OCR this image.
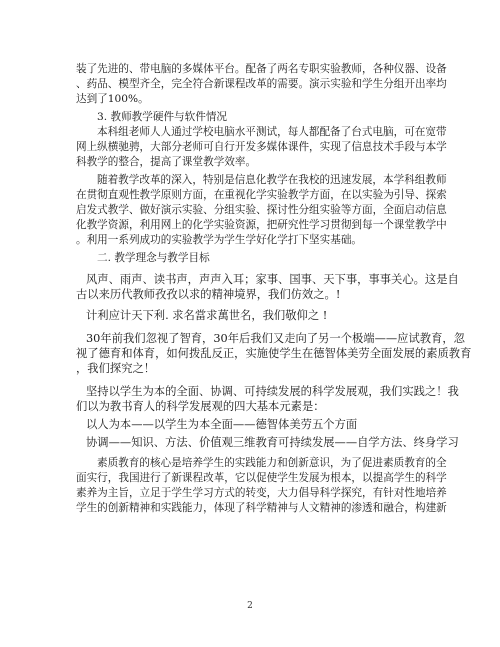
装了先进的、带电脑的多媒体平台。配备了两名专职实验教师，各种仪器、设备
、药品、模型齐全，完全符合新课程改革的需要。演示实验和学生分组开出率均
达到了100%。
3. 教师教学硬件与软件情况
本科组老师人人通过学校电脑水平测试，每人都配备了台式电脑，可在宽带
网上纵横驰骋，大部分老师可自行开发多媒体课件，实现了信息技术手段与本学
科教学的整合，提高了课堂教学效率。
随着教学改革的深入，特别是信息化教学在我校的迅速发展，本学科组教师
在贯彻直观性教学原则方面，在重视化学实验教学方面，在以实验为引导、探索
启发式教学、做好演示实验、分组实验、探讨性分组实验等方面，全面启动信息
化教学资源，利用网上的化学实验资源，把研究性学习贯彻到每一个课堂教学中
。利用一系列成功的实验教学为学生学好化学打下坚实基础。
二. 教学理念与教学目标
风声、雨声、读书声，声声入耳；家事、国事、天下事，事事关心。这是自
古以来历代教师孜孜以求的精神境界，我们仿效之。!
计利应计天下利. 求名當求萬世名，我们敬仰之 !
30年前我们忽视了智育，30年后我们又走向了另一个极端——应试教育，忽
视了德育和体育，如何拨乱反正，实施使学生在德智体美劳全面发展的素质教育
，我们探究之！
坚持以学生为本的全面、协调、可持续发展的科学发展观，我们实践之！我
们以为教书育人的科学发展观的四大基本元素是：
以人为本——以学生为本全面——德智体美劳五个方面
协调——知识、方法、价值观三维教育可持续发展——自学方法、终身学习
素质教育的核心是培养学生的实践能力和创新意识，为了促进素质教育的全
面实行，我国进行了新课程改革，它以促使学生发展为根本，以提高学生的科学
素养为主旨，立足于学生学习方式的转变，大力倡导科学探究，有针对性地培养
学生的创新精神和实践能力，体现了科学精神与人文精神的渗透和融合，构建新
2
